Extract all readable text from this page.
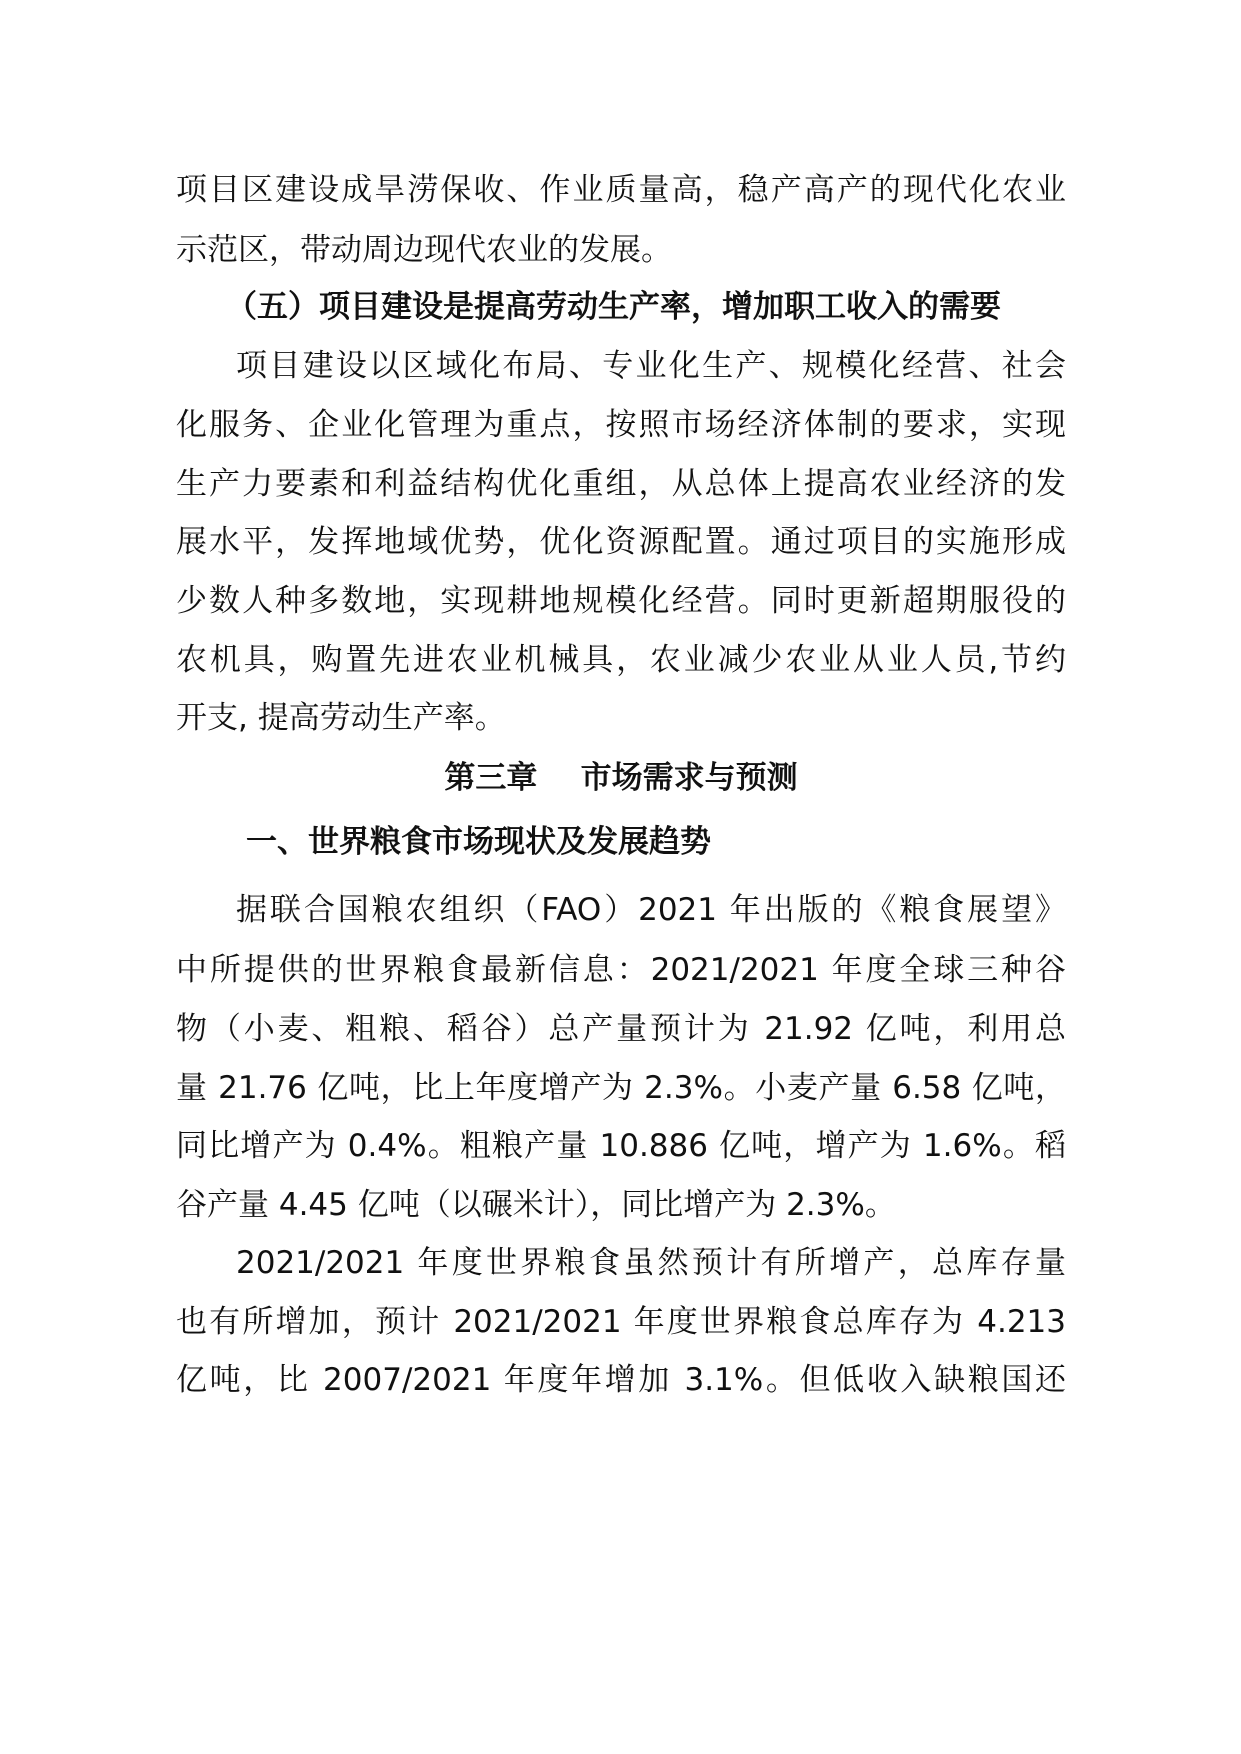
项目区建设成旱涝保收、作业质量高，稳产高产的现代化农业
示范区，带动周边现代农业的发展。
（五）项目建设是提高劳动生产率，增加职工收入的需要
项目建设以区域化布局、专业化生产、规模化经营、社会
化服务、企业化管理为重点，按照市场经济体制的要求，实现
生产力要素和利益结构优化重组，从总体上提高农业经济的发
展水平，发挥地域优势，优化资源配置。通过项目的实施形成
少数人种多数地，实现耕地规模化经营。同时更新超期服役的
农机具，购置先进农业机械具，农业减少农业从业人员,节约
开支, 提高劳动生产率。
第三章    市场需求与预测
一、世界粮食市场现状及发展趋势
据联合国粮农组织（FAO）2021 年出版的《粮食展望》
中所提供的世界粮食最新信息：2021/2021 年度全球三种谷
物（小麦、粗粮、稻谷）总产量预计为 21.92 亿吨，利用总
量 21.76 亿吨，比上年度增产为 2.3%。小麦产量 6.58 亿吨，
同比增产为 0.4%。粗粮产量 10.886 亿吨，增产为 1.6%。稻
谷产量 4.45 亿吨（以碾米计），同比增产为 2.3%。
2021/2021 年度世界粮食虽然预计有所增产，总库存量
也有所增加，预计 2021/2021 年度世界粮食总库存为 4.213
亿吨，比 2007/2021 年度年增加 3.1%。但低收入缺粮国还
